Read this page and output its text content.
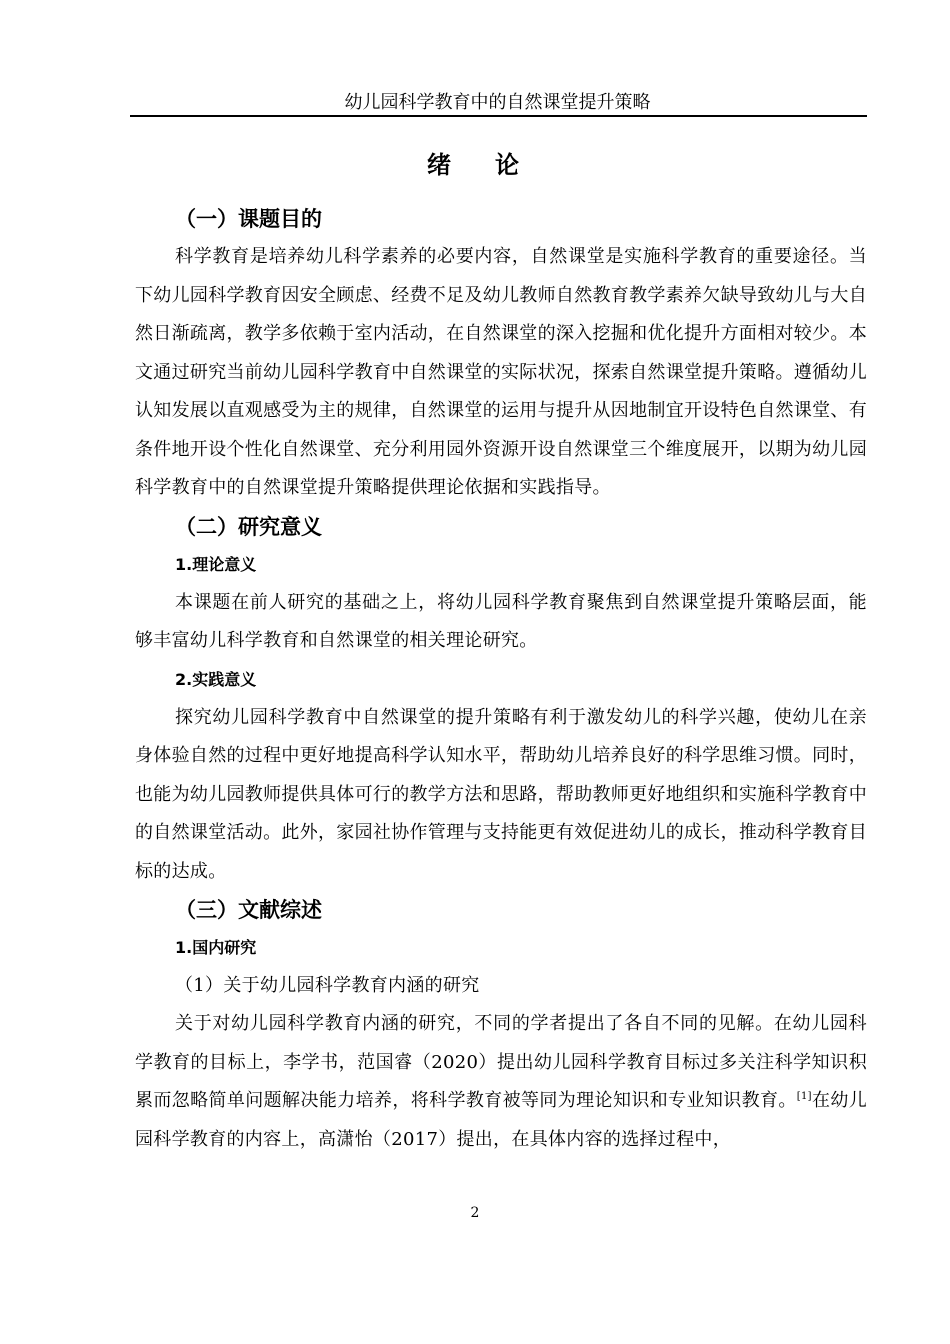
幼儿园科学教育中的自然课堂提升策略
绪 论
（一）课题目的

科学教育是培养幼儿科学素养的必要内容，自然课堂是实施科学教育的重要途径。当下幼儿园科学教育因安全顾虑、经费不足及幼儿教师自然教育教学素养欠缺导致幼儿与大自然日渐疏离，教学多依赖于室内活动，在自然课堂的深入挖掘和优化提升方面相对较少。本文通过研究当前幼儿园科学教育中自然课堂的实际状况，探索自然课堂提升策略。遵循幼儿认知发展以直观感受为主的规律，自然课堂的运用与提升从因地制宜开设特色自然课堂、有条件地开设个性化自然课堂、充分利用园外资源开设自然课堂三个维度展开，以期为幼儿园科学教育中的自然课堂提升策略提供理论依据和实践指导。

（二）研究意义
1.理论意义

本课题在前人研究的基础之上，将幼儿园科学教育聚焦到自然课堂提升策略层面，能够丰富幼儿科学教育和自然课堂的相关理论研究。

2.实践意义

探究幼儿园科学教育中自然课堂的提升策略有利于激发幼儿的科学兴趣，使幼儿在亲身体验自然的过程中更好地提高科学认知水平，帮助幼儿培养良好的科学思维习惯。同时，也能为幼儿园教师提供具体可行的教学方法和思路，帮助教师更好地组织和实施科学教育中的自然课堂活动。此外，家园社协作管理与支持能更有效促进幼儿的成长，推动科学教育目标的达成。

（三）文献综述
1.国内研究

（1）关于幼儿园科学教育内涵的研究

关于对幼儿园科学教育内涵的研究，不同的学者提出了各自不同的见解。在幼儿园科学教育的目标上，李学书，范国睿（2020）提出幼儿园科学教育目标过多关注科学知识积累而忽略简单问题解决能力培养，将科学教育被等同为理论知识和专业知识教育。[1]在幼儿园科学教育的内容上，高潇怡（2017）提出，在具体内容的选择过程中，

2
